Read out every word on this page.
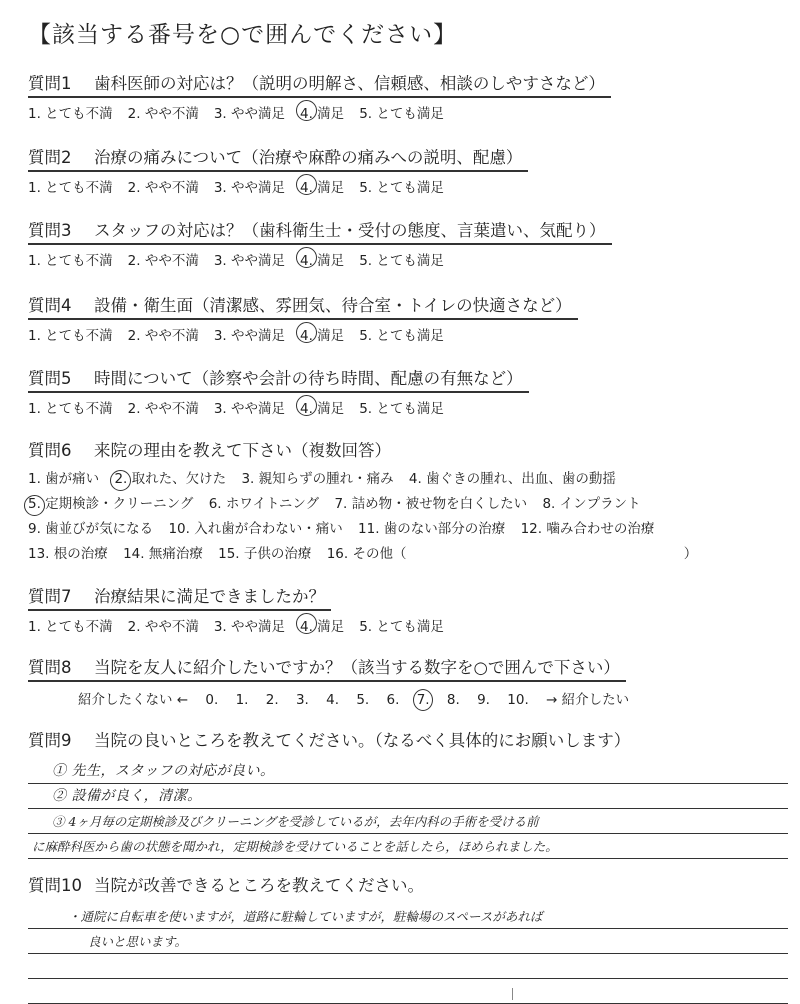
【該当する番号を○で囲んでください】
質問1 歯科医師の対応は？（説明の明解さ、信頼感、相談のしやすさなど）
1. とても不満 2. やや不満 3. やや満足 4. 満足 5. とても満足
質問2 治療の痛みについて（治療や麻酔の痛みへの説明、配慮）
1. とても不満 2. やや不満 3. やや満足 4. 満足 5. とても満足
質問3 スタッフの対応は？（歯科衛生士・受付の態度、言葉遣い、気配り）
1. とても不満 2. やや不満 3. やや満足 4. 満足 5. とても満足
質問4 設備・衛生面（清潔感、雰囲気、待合室・トイレの快適さなど）
1. とても不満 2. やや不満 3. やや満足 4. 満足 5. とても満足
質問5 時間について（診察や会計の待ち時間、配慮の有無など）
1. とても不満 2. やや不満 3. やや満足 4. 満足 5. とても満足
質問6 来院の理由を教えて下さい（複数回答）
1. 歯が痛い 2. 取れた、欠けた 3. 親知らずの腫れ・痛み 4. 歯ぐきの腫れ、出血、歯の動揺
5. 定期検診・クリーニング 6. ホワイトニング 7. 詰め物・被せ物を白くしたい 8. インプラント
9. 歯並びが気になる 10. 入れ歯が合わない・痛い 11. 歯のない部分の治療 12. 噛み合わせの治療
13. 根の治療 14. 無痛治療 15. 子供の治療 16. その他（	）
質問7 治療結果に満足できましたか？
1. とても不満 2. やや不満 3. やや満足 4. 満足 5. とても満足
質問8 当院を友人に紹介したいですか？（該当する数字を○で囲んで下さい）
紹介したくない ← 0. 1. 2. 3. 4. 5. 6. 7. 8. 9. 10. → 紹介したい
質問9 当院の良いところを教えてください。（なるべく具体的にお願いします）
① 先生，スタッフの対応が良い。
② 設備が良く，清潔。
③ 4ヶ月毎の定期検診及びクリーニングを受診しているが，去年内科の手術を受ける前
に麻酔科医から歯の状態を聞かれ，定期検診を受けていることを話したら，ほめられました。
質問10 当院が改善できるところを教えてください。
・通院に自転車を使いますが，道路に駐輪していますが，駐輪場のスペースがあれば
良いと思います。
